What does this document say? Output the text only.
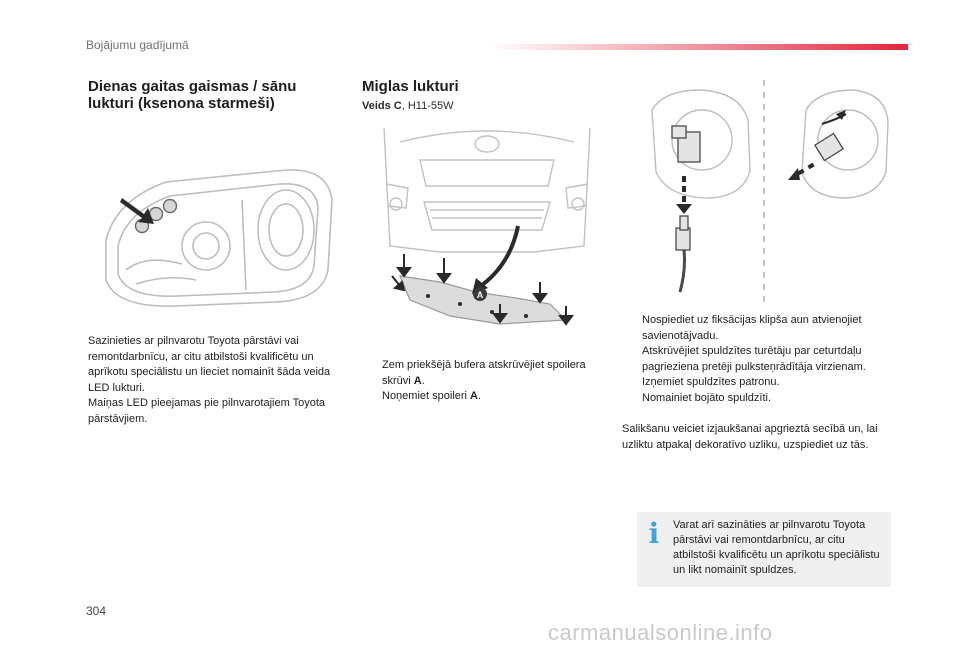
Bojājumu gadījumā
Dienas gaitas gaismas / sānu lukturi (ksenona starmeši)

Sazinieties ar pilnvarotu Toyota pārstāvi vai remontdarbnīcu, ar citu atbilstoši kvalificētu un aprīkotu speciālistu un lieciet nomainīt šāda veida LED lukturi.

Maiņas LED pieejamas pie pilnvarotajiem Toyota pārstāvjiem.

Miglas lukturi
Veids C, H11-55W
A
Zem priekšējā bufera atskrūvējiet spoilera skrūvi A.
Noņemiet spoileri A.
Nospiediet uz fiksācijas klipša aun atvienojiet savienotājvadu.
Atskrūvējiet spuldzītes turētāju par ceturtdaļu pagrieziena pretēji pulksteņrādītāja virzienam.
Izņemiet spuldzītes patronu.
Nomainiet bojāto spuldzīti.

Salikšanu veiciet izjaukšanai apgrieztā secībā un, lai uzliktu atpakaļ dekoratīvo uzliku, uzspiediet uz tās.

i Varat arī sazināties ar pilnvarotu Toyota pārstāvi vai remontdarbnīcu, ar citu atbilstoši kvalificētu un aprīkotu speciālistu un likt nomainīt spuldzes.
304
carmanualsonline.info
